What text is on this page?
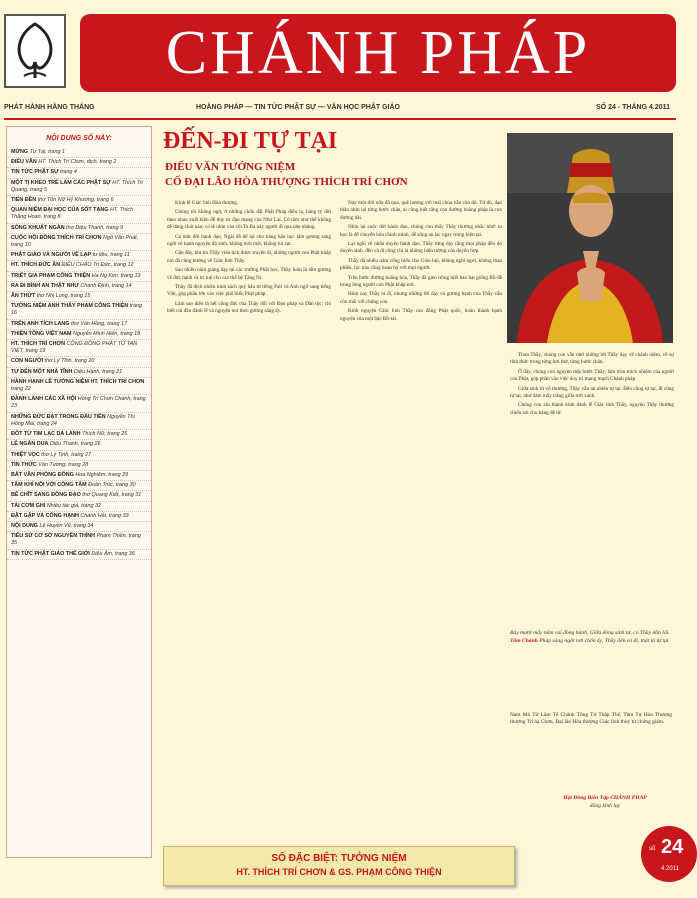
CHÁNH PHÁP
PHÁT HÀNH HẰNG THÁNG	HOẰNG PHÁP — TIN TỨC PHẬT SỰ — VĂN HỌC PHẬT GIÁO	SỐ 24 - THÁNG 4.2011
NỘI DUNG SỐ NÀY:
MỪNG Tự Tại, trang 1
ĐIẾU VĂN HT. Thích Trí Chơn, dịch, trang 2
TIN TỨC PHẬT SỰ trang 4
MỘT TỊ KHEO TRẺ LÀM CÁC PHẬT SỰ HT. Thích Tri Quang, trang 5
TIỂN ĐỀN thơ Tôn Nữ Hỷ Khương, trang 6
QUAN NIỆM ĐẠI HỌC CỦA SỐT TẠNG HT. Thích Thắng Hoan, trang 8
SÓNG KHUẤT NGÀN thơ Diệu Thanh, trang 9
CUỘC HỘI ĐỒNG THÍCH TRÍ CHƠN Ngô Văn Phát, trang 10
PHẬT GIÁO VÀ NGƯỜI VỀ LẠP tư liệu, trang 11
HT. THÍCH ĐỨC ÂN ĐIẾU CHÁO Trí Đức, trang 12
TRIẾT GIA PHẠM CÔNG THIỆN Ha Ng Kim, trang 13
RA ĐI BÌNH AN THẬT NHƯ Chánh Định, trang 14
ĂN THỨT thơ Nhị Long, trang 15
TƯỞNG NIỆM ANH THẦY PHẠM CÔNG THIỆN trang 16
TRÊN ANH TÍCH LANG thơ Vân Hồng, trang 17
THIỀN TÔNG VIỆT NAM Nguyễn Minh Hiển, trang 18
HT. THÍCH TRÍ CHƠN CỘNG ĐỒNG PHẬT TỬ TAN VIỆT, trang 19
CON NGƯỜI thơ Lý Tĩnh, trang 20
TƯ ĐẾN MỘT NHÀ TĨNH Diệu Hạnh, trang 21
HÀNH HẠNH LỄ TƯỞNG NIỆM HT. THÍCH TRÍ CHƠN trang 22
ĐÀNH LÀNH CÁC XÃ HỘI Hồng Trí Chơn Chánh, trang 23
NHỮNG ĐỨC ĐẠT TRONG ĐẦU TIÊN Nguyễn Thị Hồng Mai, trang 24
ĐỐT TỪ TIM LẠC DA LÀNH Thích Nữ, trang 25
LỄ NGÀN DUA Diệu Thanh, trang 26
THIỆT VỌC thơ Lý Tịnh, trang 27
TIN THỨC Vân Tường, trang 28
BẮT VÂN PHÒNG ĐỒNG Hoa Nghiêm, trang 29
TÂM KHÍ NỘI VỚI CÔNG TÂM Đoàn Trúc, trang 30
BÊ CHĨT SANG ĐỒNG ĐẠO thơ Quang Kiết, trang 31
TÀI CƠM GHI Nhiều tác giả, trang 32
ĐẶT GẶP VÀ CÔNG HẠNH Chánh Hải, trang 33
NỘI DUNG Lệ Huyền Vũ, trang 34
TIÊU SỬ CƠ SỞ NGUYÊN THÍNH Phạm Thiên, trang 35
TIN TỨC PHẬT GIÁO THẾ GIỚI Diệu Âm, trang 36
ĐẾN-ĐI TỰ TẠI
ĐIẾU VĂN TƯỞNG NIỆM
CỐ ĐẠI LÃO HÒA THƯỢNG THÍCH TRÍ CHƠN

Kính lễ Giác linh Hòa thượng.

Chúng tôi không ngờ, ở những chốn đất Phật Pháp điều lạ, hàng tỷ đời theo nhau xuất hiện để duy trì đạo mạng của Như Lai. Có tâm như thế không dễ dàng chút nào; có lẽ nhìn vào cõi Ta Bà này người đi qua nhẹ nhàng.

Cả một đời hành đạo, Ngài đã để lại cho hàng hậu học tấm gương sáng ngời về hạnh nguyện độ sinh, không mỏi mệt, không lui sụt.

Gần đây, khi tin Thầy viên tịch được truyền đi, những người con Phật khắp nơi đã cùng hướng về Giác linh Thầy.

Sau nhiều năm giảng dạy tại các trường Phật học, Thầy luôn là tấm gương về đức hạnh và trí tuệ cho các thế hệ Tăng Ni.

Thầy đã dịch nhiều kinh sách quý báu từ tiếng Pali và Anh ngữ sang tiếng Việt, góp phần lớn vào việc phổ biến Phật pháp.

Làm sao diễn tả hết công đức của Thầy đối với Đạo pháp và Dân tộc; chỉ biết cúi đầu đảnh lễ và nguyện noi theo gương sáng ấy.

Nay một đời nữa đã qua, quê hương với mái chùa vẫn còn đó. Từ đó, đạo thân nhìn lại từng bước chân, ai cũng biết rằng con đường hoằng pháp là con đường dài.

Nhìn lại cuộc đời hành đạo, chúng con thấy Thầy thường nhắc nhở: tu học là để chuyển hóa chính mình, để sống an lạc ngay trong hiện tại.

Lại nghĩ về nhân duyên hành đạo, Thầy từng dạy rằng mọi pháp đều do duyên sinh, đến và đi cũng chỉ là những hiện tượng của duyên hợp.

Thầy đã nhiều năm cống hiến cho Giáo hội, không nghỉ ngơi, không than phiền, lúc nào cũng hoan hỷ với mọi người.

Trên bước đường hoằng hóa, Thầy đã gieo trồng biết bao hạt giống Bồ-đề trong lòng người con Phật khắp nơi.

Hôm nay Thầy ra đi, nhưng những lời dạy và gương hạnh của Thầy vẫn còn mãi với chúng con.

Kính nguyện Giác linh Thầy cao đăng Phật quốc, hoàn thành hạnh nguyện của một bậc Bồ-tát.

Thưa Thầy, chúng con vẫn nhớ những lời Thầy dạy về chánh niệm, về sự tỉnh thức trong từng hơi thở, từng bước chân.

Ở đây, chúng con nguyện tiếp bước Thầy, làm tròn trách nhiệm của người con Phật, góp phần vào việc duy trì mạng mạch Chánh pháp.

Giữa sinh tử vô thường, Thầy vẫn an nhiên tự tại. Đến cũng tự tại, đi cũng tự tại, như đám mây trắng giữa trời xanh.

Chúng con xin thành kính đảnh lễ Giác linh Thầy, nguyện Thầy thường chiếu soi cho hàng đệ tử.

Bảy mươi mấy năm vui đồng hành, Giữa dòng sinh tử, có Thầy dẫn lối. Tâm Chánh Pháp sáng ngời nơi chốn ấy, Thầy đến và đi, thật là tự tại.
Nam Mô Từ Lâm Tế Chánh Tông Tứ Thập Thế, Tâm Tự Hòa Thượng thượng Trí hạ Chơn, Đại lão Hòa thượng Giác linh thùy từ chứng giám.
Hội Đồng Biên Tập CHÁNH PHÁP
đồng kính lạy
SỐ ĐẶC BIỆT: TƯỞNG NIỆM
HT. THÍCH TRÍ CHƠN & GS. PHẠM CÔNG THIỆN
số 24
4.2011
